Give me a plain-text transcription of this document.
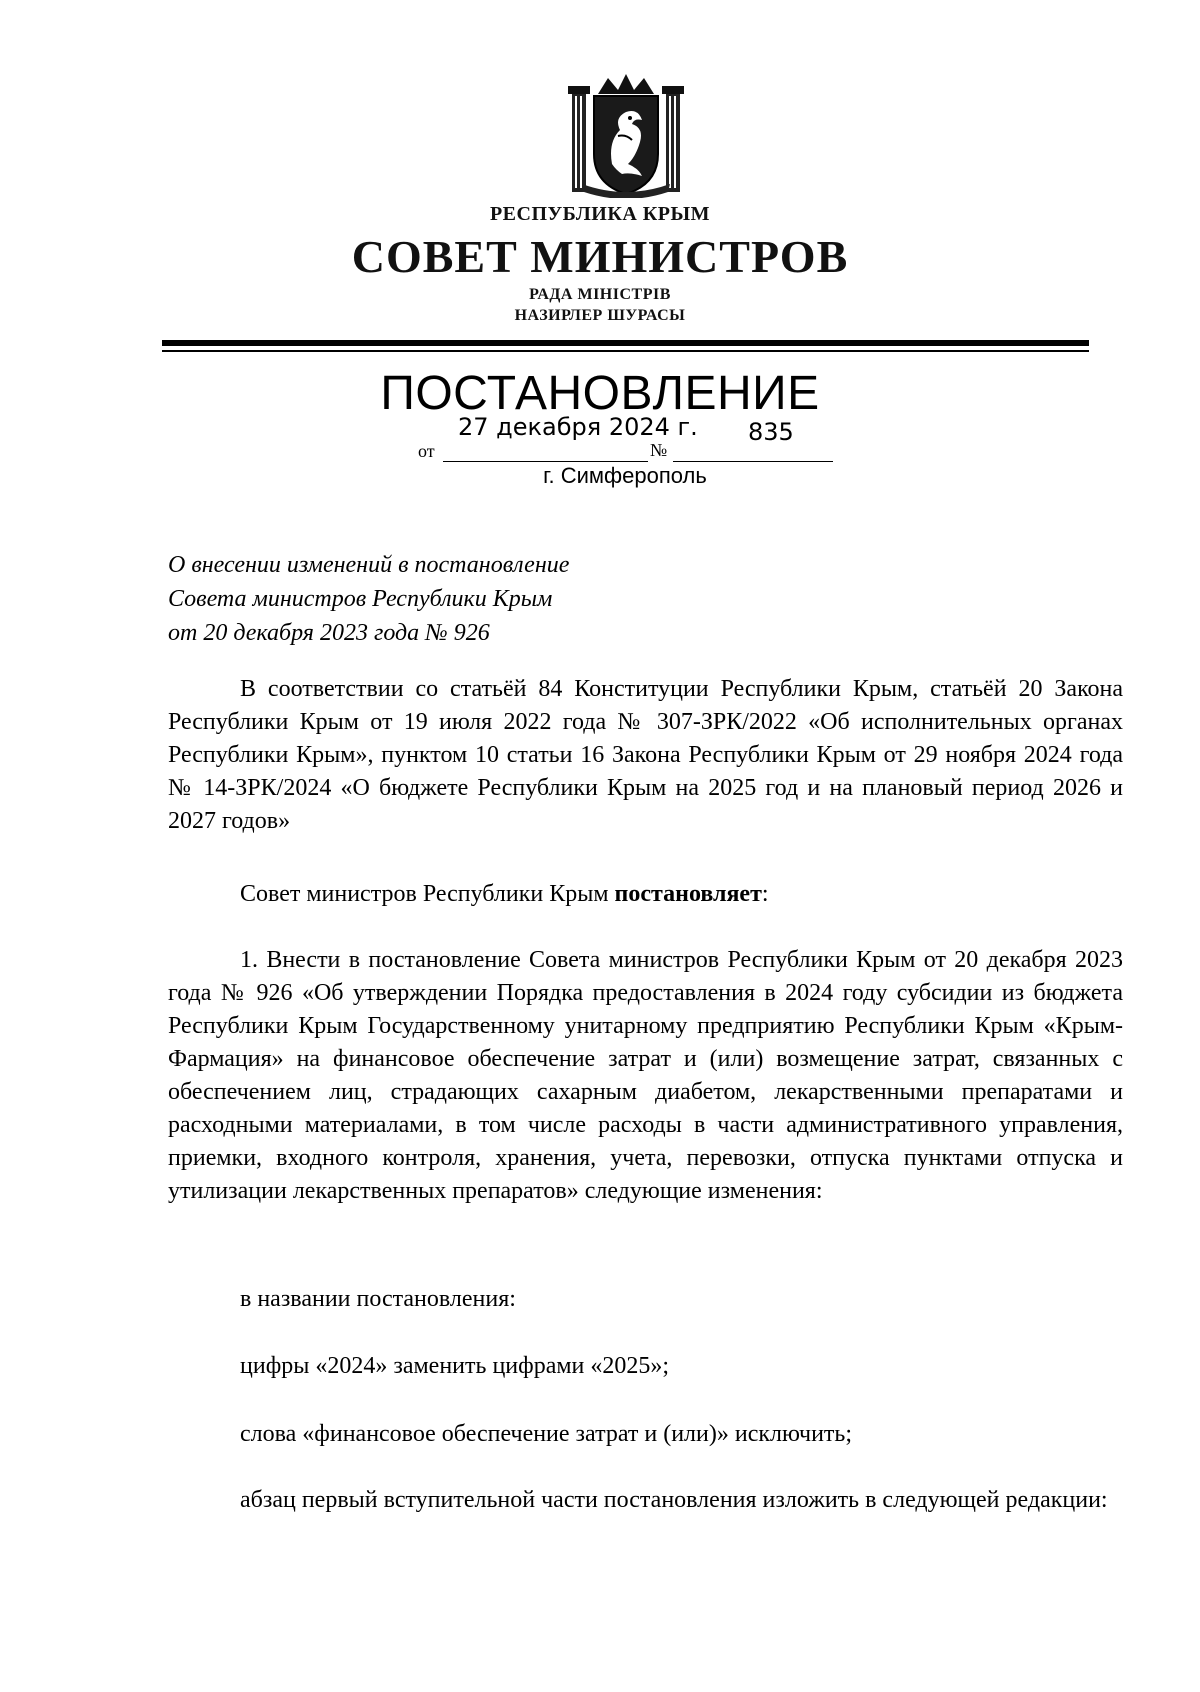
РЕСПУБЛИКА КРЫМ
СОВЕТ МИНИСТРОВ
РАДА МІНІСТРІВ
НАЗИРЛЕР ШУРАСЫ
ПОСТАНОВЛЕНИЕ
27 декабря 2024 г. 835
от	№
г. Симферополь
О внесении изменений в постановление
Совета министров Республики Крым
от 20 декабря 2023 года № 926
В соответствии со статьёй 84 Конституции Республики Крым, статьёй 20 Закона Республики Крым от 19 июля 2022 года № 307-ЗРК/2022 «Об исполнительных органах Республики Крым», пунктом 10 статьи 16 Закона Республики Крым от 29 ноября 2024 года № 14-ЗРК/2024 «О бюджете Республики Крым на 2025 год и на плановый период 2026 и 2027 годов»
Совет министров Республики Крым постановляет:
1. Внести в постановление Совета министров Республики Крым от 20 декабря 2023 года № 926 «Об утверждении Порядка предоставления в 2024 году субсидии из бюджета Республики Крым Государственному унитарному предприятию Республики Крым «Крым-Фармация» на финансовое обеспечение затрат и (или) возмещение затрат, связанных с обеспечением лиц, страдающих сахарным диабетом, лекарственными препаратами и расходными материалами, в том числе расходы в части административного управления, приемки, входного контроля, хранения, учета, перевозки, отпуска пунктами отпуска и утилизации лекарственных препаратов» следующие изменения:
в названии постановления:
цифры «2024» заменить цифрами «2025»;
слова «финансовое обеспечение затрат и (или)» исключить;
абзац первый вступительной части постановления изложить в следующей редакции:
